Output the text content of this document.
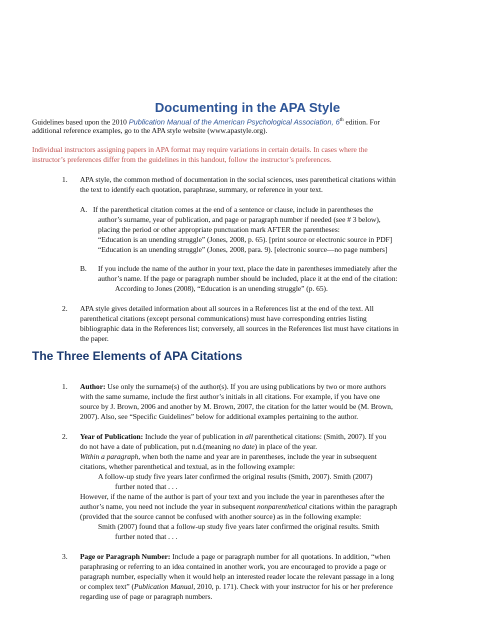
Documenting in the APA Style

Guidelines based upon the 2010 Publication Manual of the American Psychological Association, 6th edition. For

additional reference examples, go to the APA style website (www.apastyle.org).

Individual instructors assigning papers in APA format may require variations in certain details. In cases where the

instructor’s preferences differ from the guidelines in this handout, follow the instructor’s preferences.

1. APA style, the common method of documentation in the social sciences, uses parenthetical citations within

the text to identify each quotation, paraphrase, summary, or reference in your text.

A. If the parenthetical citation comes at the end of a sentence or clause, include in parentheses the

author’s surname, year of publication, and page or paragraph number if needed (see # 3 below),

placing the period or other appropriate punctuation mark AFTER the parentheses:

“Education is an unending struggle” (Jones, 2008, p. 65). [print source or electronic source in PDF]

“Education is an unending struggle” (Jones, 2008, para. 9). [electronic source—no page numbers]

B. If you include the name of the author in your text, place the date in parentheses immediately after the

author’s name. If the page or paragraph number should be included, place it at the end of the citation:

According to Jones (2008), “Education is an unending struggle” (p. 65).

2. APA style gives detailed information about all sources in a References list at the end of the text. All

parenthetical citations (except personal communications) must have corresponding entries listing

bibliographic data in the References list; conversely, all sources in the References list must have citations in

the paper.

The Three Elements of APA Citations
1. Author: Use only the surname(s) of the author(s). If you are using publications by two or more authors

with the same surname, include the first author’s initials in all citations. For example, if you have one

source by J. Brown, 2006 and another by M. Brown, 2007, the citation for the latter would be (M. Brown,

2007). Also, see “Specific Guidelines” below for additional examples pertaining to the author.

2. Year of Publication: Include the year of publication in all parenthetical citations: (Smith, 2007). If you

do not have a date of publication, put n.d.(meaning no date) in place of the year.

Within a paragraph, when both the name and year are in parentheses, include the year in subsequent

citations, whether parenthetical and textual, as in the following example:

A follow-up study five years later confirmed the original results (Smith, 2007). Smith (2007)

further noted that . . .

However, if the name of the author is part of your text and you include the year in parentheses after the

author’s name, you need not include the year in subsequent nonparenthetical citations within the paragraph

(provided that the source cannot be confused with another source) as in the following example:

Smith (2007) found that a follow-up study five years later confirmed the original results. Smith

further noted that . . .

3. Page or Paragraph Number: Include a page or paragraph number for all quotations. In addition, “when

paraphrasing or referring to an idea contained in another work, you are encouraged to provide a page or

paragraph number, especially when it would help an interested reader locate the relevant passage in a long

or complex text” (Publication Manual, 2010, p. 171). Check with your instructor for his or her preference

regarding use of page or paragraph numbers.
